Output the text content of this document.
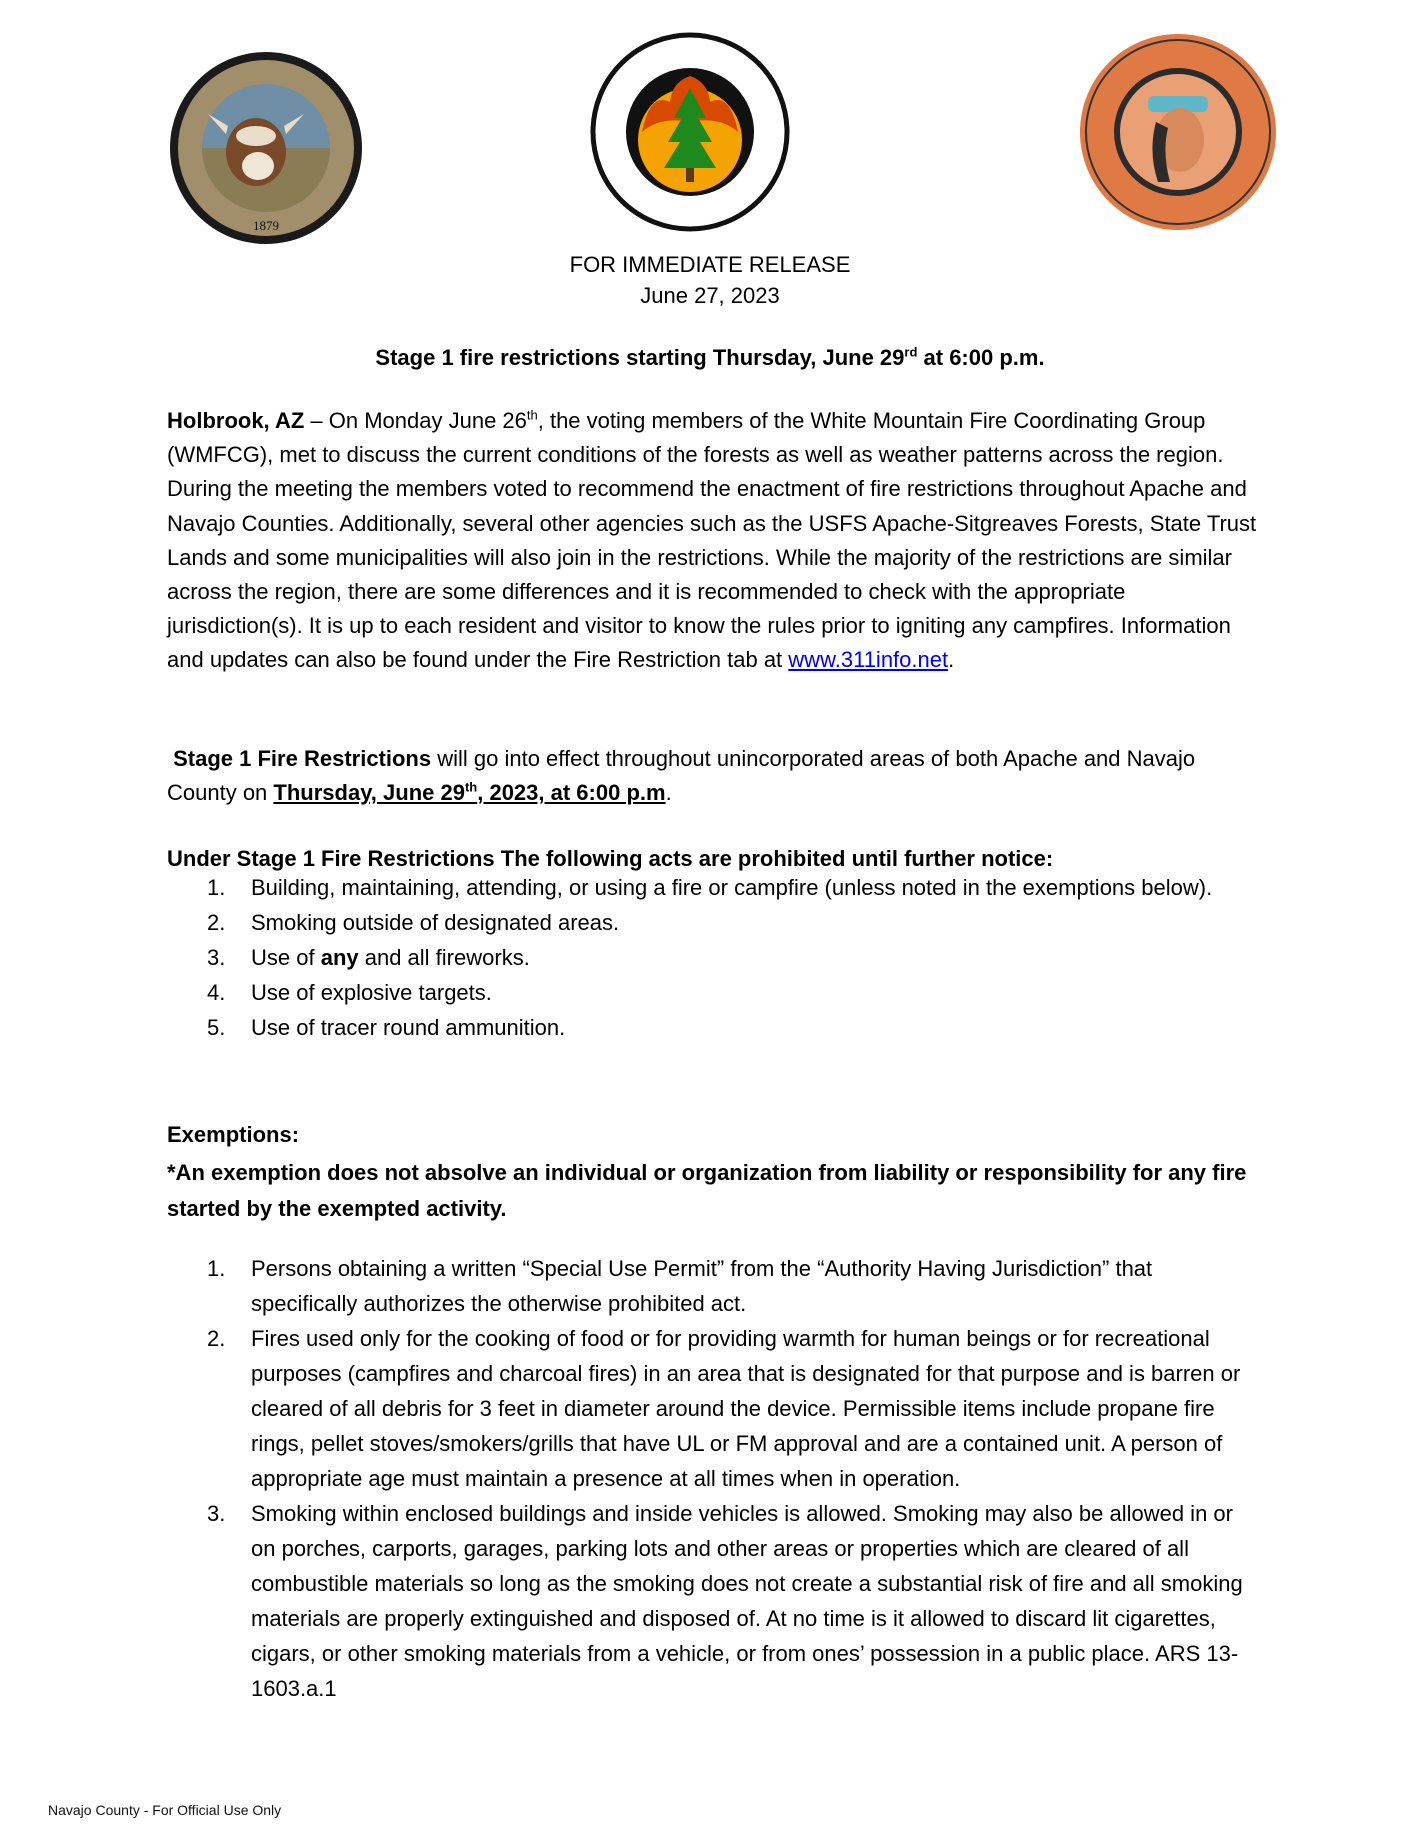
1879
FOR IMMEDIATE RELEASE
June 27, 2023
Stage 1 fire restrictions starting Thursday, June 29rd at 6:00 p.m.
Holbrook, AZ – On Monday June 26th, the voting members of the White Mountain Fire Coordinating Group (WMFCG), met to discuss the current conditions of the forests as well as weather patterns across the region. During the meeting the members voted to recommend the enactment of fire restrictions throughout Apache and Navajo Counties. Additionally, several other agencies such as the USFS Apache-Sitgreaves Forests, State Trust Lands and some municipalities will also join in the restrictions. While the majority of the restrictions are similar across the region, there are some differences and it is recommended to check with the appropriate jurisdiction(s). It is up to each resident and visitor to know the rules prior to igniting any campfires. Information and updates can also be found under the Fire Restriction tab at www.311info.net.
Stage 1 Fire Restrictions will go into effect throughout unincorporated areas of both Apache and Navajo County on Thursday, June 29th, 2023, at 6:00 p.m.
Under Stage 1 Fire Restrictions The following acts are prohibited until further notice:
1. Building, maintaining, attending, or using a fire or campfire (unless noted in the exemptions below).
2. Smoking outside of designated areas.
3. Use of any and all fireworks.
4. Use of explosive targets.
5. Use of tracer round ammunition.
Exemptions:
*An exemption does not absolve an individual or organization from liability or responsibility for any fire started by the exempted activity.
1. Persons obtaining a written “Special Use Permit” from the “Authority Having Jurisdiction” that specifically authorizes the otherwise prohibited act.
2. Fires used only for the cooking of food or for providing warmth for human beings or for recreational purposes (campfires and charcoal fires) in an area that is designated for that purpose and is barren or cleared of all debris for 3 feet in diameter around the device. Permissible items include propane fire rings, pellet stoves/smokers/grills that have UL or FM approval and are a contained unit. A person of appropriate age must maintain a presence at all times when in operation.
3. Smoking within enclosed buildings and inside vehicles is allowed. Smoking may also be allowed in or on porches, carports, garages, parking lots and other areas or properties which are cleared of all combustible materials so long as the smoking does not create a substantial risk of fire and all smoking materials are properly extinguished and disposed of. At no time is it allowed to discard lit cigarettes, cigars, or other smoking materials from a vehicle, or from ones’ possession in a public place. ARS 13-1603.a.1
Navajo County - For Official Use Only
